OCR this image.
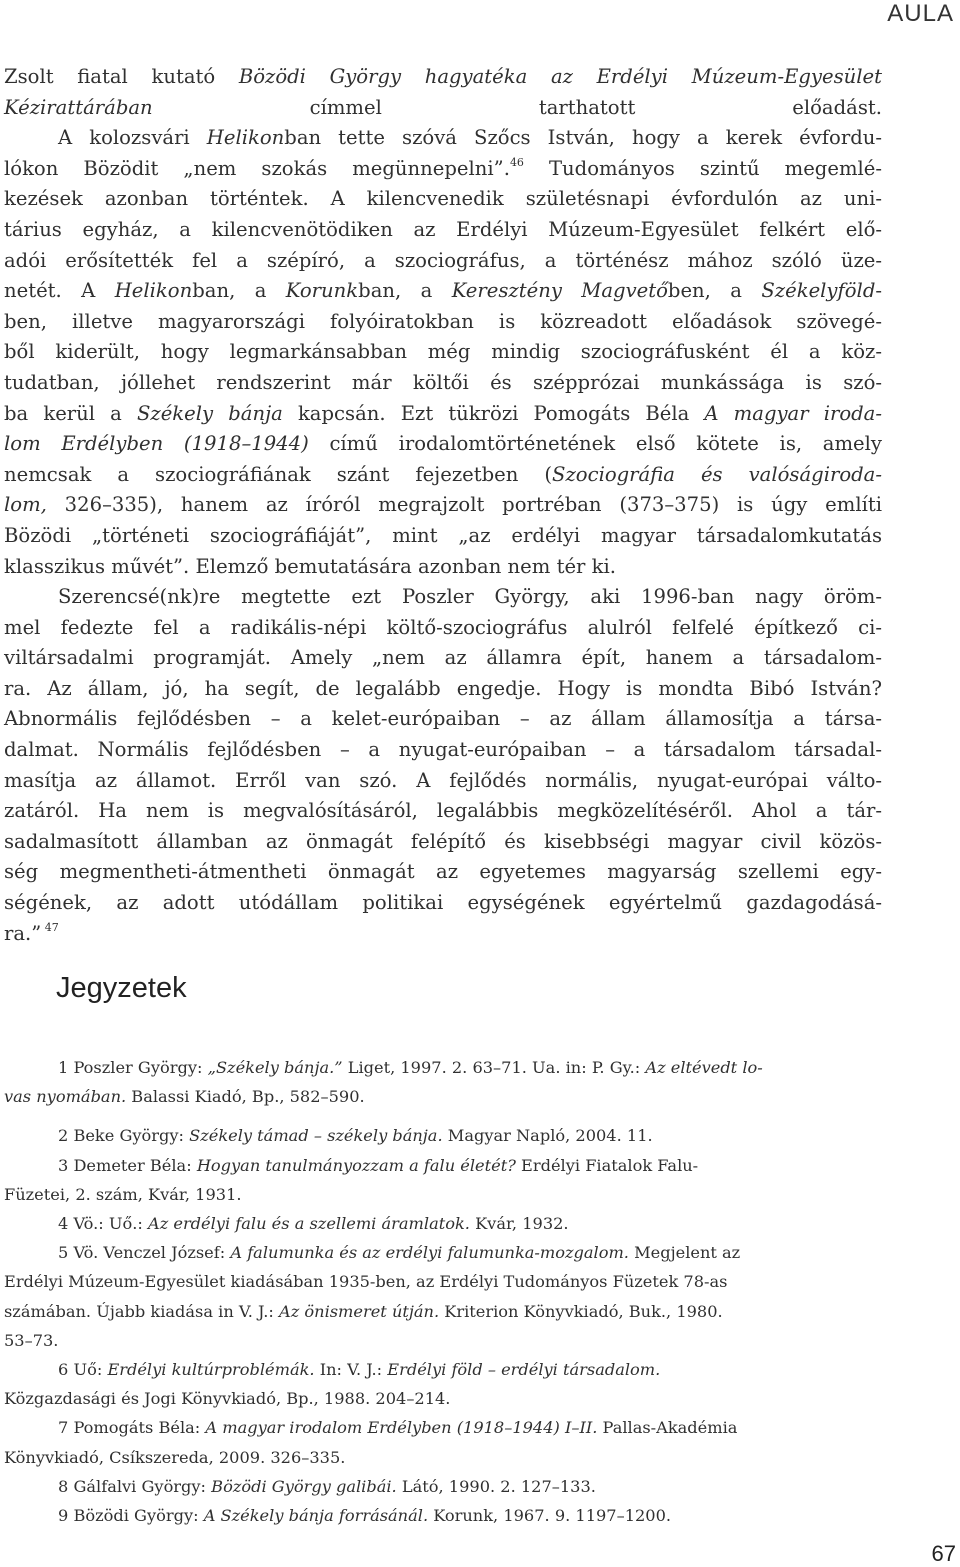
AULA
Zsolt fiatal kutató Bözödi György hagyatéka az Erdélyi Múzeum-Egyesület
Kézirattárában címmel tarthatott előadást.
A kolozsvári Helikonban tette szóvá Szőcs István, hogy a kerek évfordu-
lókon Bözödit „nem szokás megünnepelni”.$^{46}$ Tudományos szintű megemlé-
kezések azonban történtek. A kilencvenedik születésnapi évfordulón az uni-
tárius egyház, a kilencvenötödiken az Erdélyi Múzeum-Egyesület felkért elő-
adói erősítették fel a szépíró, a szociográfus, a történész mához szóló üze-
netét. A Helikonban, a Korunkban, a Keresztény Magvetőben, a Székelyföld-
ben, illetve magyarországi folyóiratokban is közreadott előadások szövegé-
ből kiderült, hogy legmarkánsabban még mindig szociográfusként él a köz-
tudatban, jóllehet rendszerint már költői és szépprózai munkássága is szó-
ba kerül a Székely bánja kapcsán. Ezt tükrözi Pomogáts Béla A magyar iroda-
lom Erdélyben (1918–1944) című irodalomtörténetének első kötete is, amely
nemcsak a szociográfiának szánt fejezetben (Szociográfia és valóságiroda-
lom, 326–335), hanem az íróról megrajzolt portréban (373–375) is úgy említi
Bözödi „történeti szociográfiáját”, mint „az erdélyi magyar társadalomkutatás
klasszikus művét”. Elemző bemutatására azonban nem tér ki.
Szerencsé(nk)re megtette ezt Poszler György, aki 1996-ban nagy öröm-
mel fedezte fel a radikális-népi költő-szociográfus alulról felfelé építkező ci-
viltársadalmi programját. Amely „nem az államra épít, hanem a társadalom-
ra. Az állam, jó, ha segít, de legalább engedje. Hogy is mondta Bibó István?
Abnormális fejlődésben – a kelet-európaiban – az állam államosítja a társa-
dalmat. Normális fejlődésben – a nyugat-európaiban – a társadalom társadal-
masítja az államot. Erről van szó. A fejlődés normális, nyugat-európai válto-
zatáról. Ha nem is megvalósításáról, legalábbis megközelítéséről. Ahol a tár-
sadalmasított államban az önmagát felépítő és kisebbségi magyar civil közös-
ség megmentheti-átmentheti önmagát az egyetemes magyarság szellemi egy-
ségének, az adott utódállam politikai egységének egyértelmű gazdagodásá-
ra.” $^{47}$
Jegyzetek
1 Poszler György: „Székely bánja.” Liget, 1997. 2. 63–71. Ua. in: P. Gy.: Az eltévedt lo-
vas nyomában. Balassi Kiadó, Bp., 582–590.
2 Beke György: Székely támad – székely bánja. Magyar Napló, 2004. 11.
3 Demeter Béla: Hogyan tanulmányozzam a falu életét? Erdélyi Fiatalok Falu-
Füzetei, 2. szám, Kvár, 1931.
4 Vö.: Uő.: Az erdélyi falu és a szellemi áramlatok. Kvár, 1932.
5 Vö. Venczel József: A falumunka és az erdélyi falumunka-mozgalom. Megjelent az
Erdélyi Múzeum-Egyesület kiadásában 1935-ben, az Erdélyi Tudományos Füzetek 78-as
számában. Újabb kiadása in V. J.: Az önismeret útján. Kriterion Könyvkiadó, Buk., 1980.
53–73.
6 Uő: Erdélyi kultúrproblémák. In: V. J.: Erdélyi föld – erdélyi társadalom.
Közgazdasági és Jogi Könyvkiadó, Bp., 1988. 204–214.
7 Pomogáts Béla: A magyar irodalom Erdélyben (1918–1944) I–II. Pallas-Akadémia
Könyvkiadó, Csíkszereda, 2009. 326–335.
8 Gálfalvi György: Bözödi György galibái. Látó, 1990. 2. 127–133.
9 Bözödi György: A Székely bánja forrásánál. Korunk, 1967. 9. 1197–1200.
67
